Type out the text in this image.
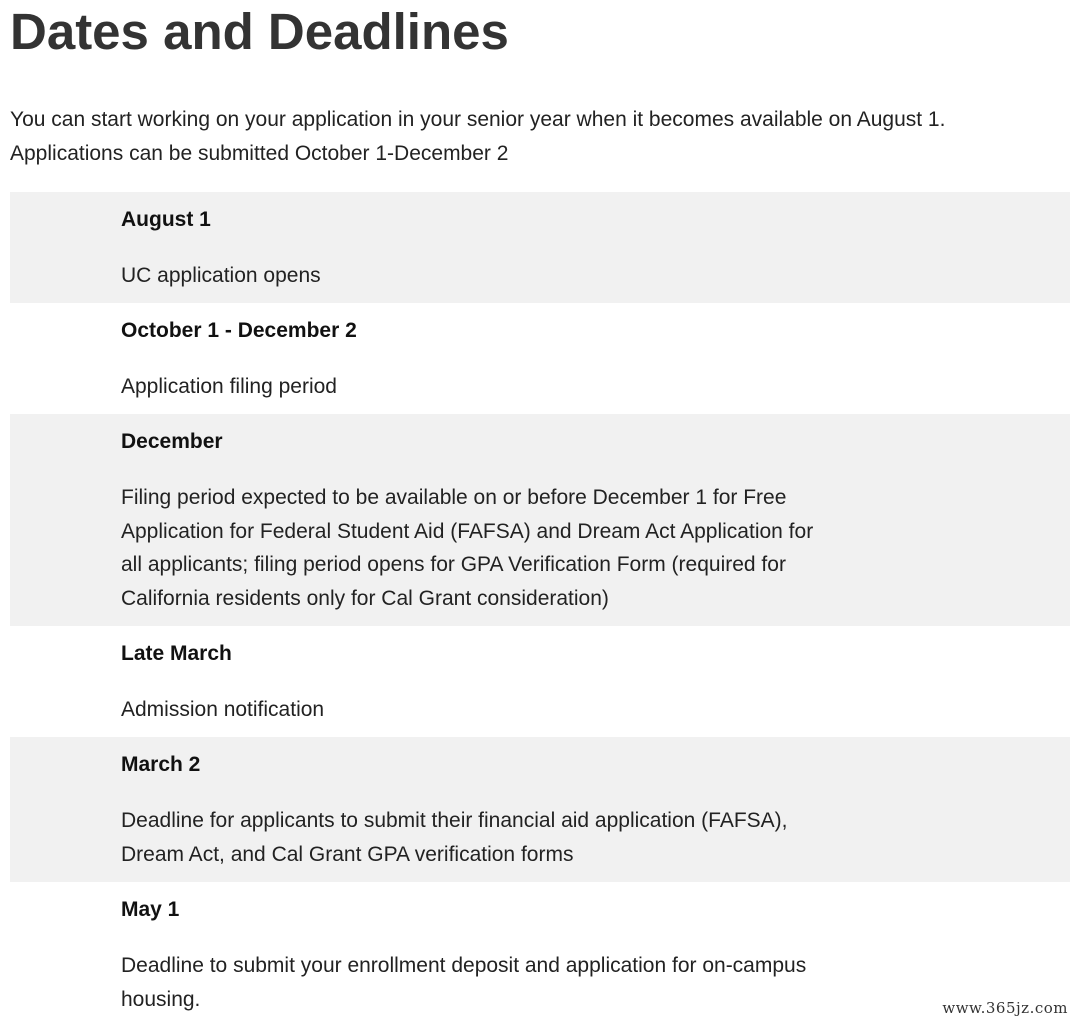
Dates and Deadlines

You can start working on your application in your senior year when it becomes available on August 1.
Applications can be submitted October 1-December 2

August 1

UC application opens

October 1 - December 2

Application filing period

December

Filing period expected to be available on or before December 1 for Free Application for Federal Student Aid (FAFSA) and Dream Act Application for all applicants; filing period opens for GPA Verification Form (required for California residents only for Cal Grant consideration)

Late March

Admission notification

March 2

Deadline for applicants to submit their financial aid application (FAFSA), Dream Act, and Cal Grant GPA verification forms

May 1

Deadline to submit your enrollment deposit and application for on-campus housing.	www.365jz.com
